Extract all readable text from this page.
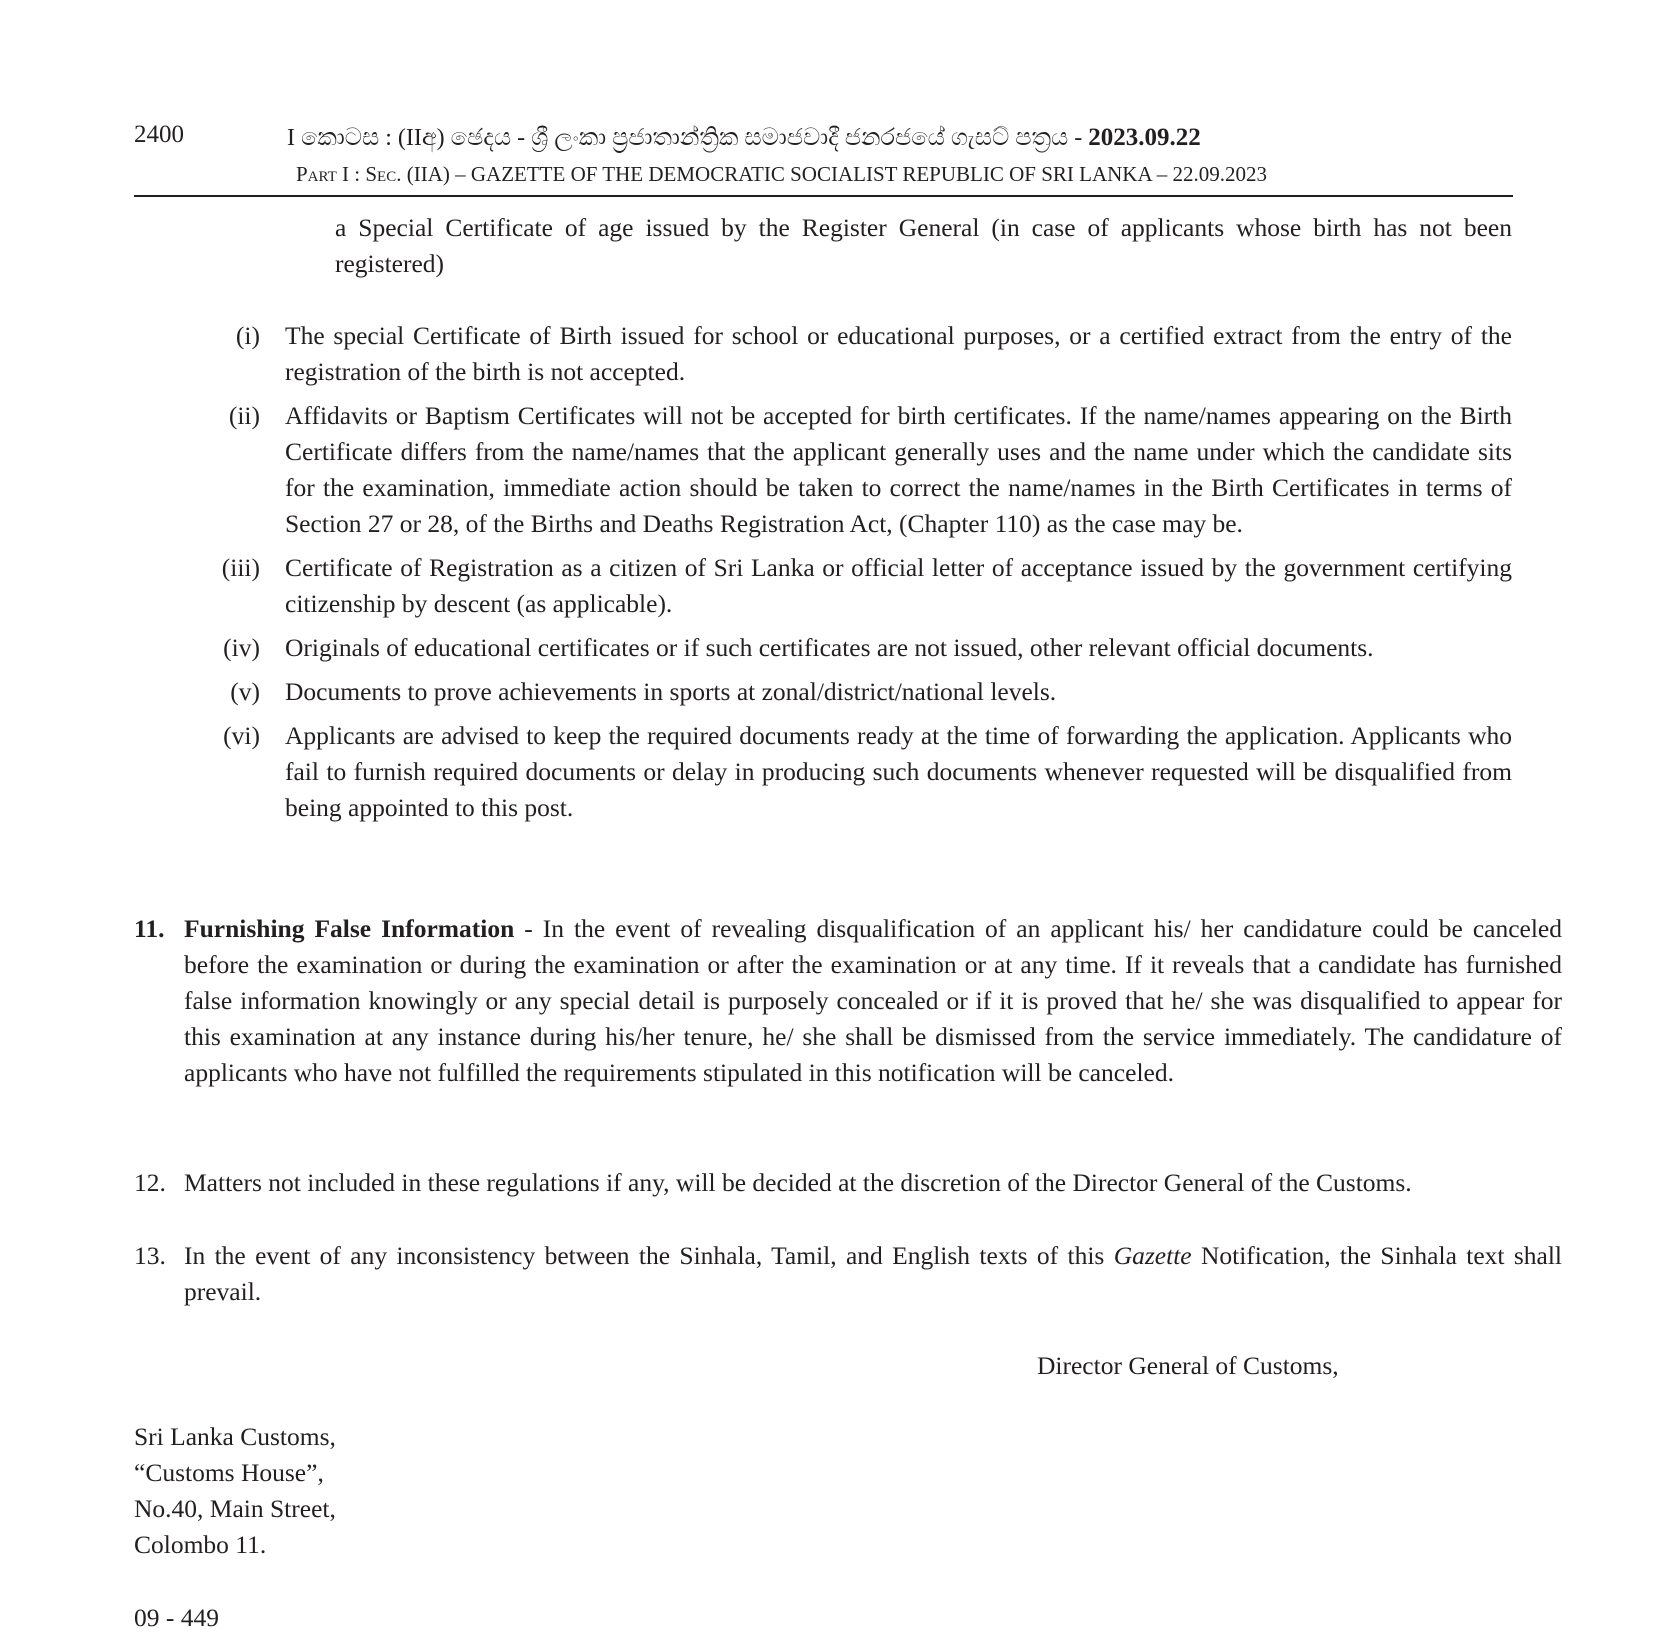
2400	I කොටස : (IIඅ) ඡෙදය - ශ්‍රී ලංකා ප්‍රජාතාන්ත්‍රික සමාජවාදී ජනරජයේ ගැසට් පත්‍රය - 2023.09.22
Part I : Sec. (IIA) – GAZETTE OF THE DEMOCRATIC SOCIALIST REPUBLIC OF SRI LANKA – 22.09.2023
a Special Certificate of age issued by the Register General (in case of applicants whose birth has not been registered)
(i) The special Certificate of Birth issued for school or educational purposes, or a certified extract from the entry of the registration of the birth is not accepted.
(ii) Affidavits or Baptism Certificates will not be accepted for birth certificates. If the name/names appearing on the Birth Certificate differs from the name/names that the applicant generally uses and the name under which the candidate sits for the examination, immediate action should be taken to correct the name/names in the Birth Certificates in terms of Section 27 or 28, of the Births and Deaths Registration Act, (Chapter 110) as the case may be.
(iii) Certificate of Registration as a citizen of Sri Lanka or official letter of acceptance issued by the government certifying citizenship by descent (as applicable).
(iv) Originals of educational certificates or if such certificates are not issued, other relevant official documents.
(v) Documents to prove achievements in sports at zonal/district/national levels.
(vi) Applicants are advised to keep the required documents ready at the time of forwarding the application. Applicants who fail to furnish required documents or delay in producing such documents whenever requested will be disqualified from being appointed to this post.
11. Furnishing False Information - In the event of revealing disqualification of an applicant his/ her candidature could be canceled before the examination or during the examination or after the examination or at any time. If it reveals that a candidate has furnished false information knowingly or any special detail is purposely concealed or if it is proved that he/ she was disqualified to appear for this examination at any instance during his/her tenure, he/ she shall be dismissed from the service immediately. The candidature of applicants who have not fulfilled the requirements stipulated in this notification will be canceled.
12. Matters not included in these regulations if any, will be decided at the discretion of the Director General of the Customs.
13. In the event of any inconsistency between the Sinhala, Tamil, and English texts of this Gazette Notification, the Sinhala text shall prevail.
Director General of Customs,
Sri Lanka Customs,
“Customs House”,
No.40, Main Street,
Colombo 11.
09 - 449
